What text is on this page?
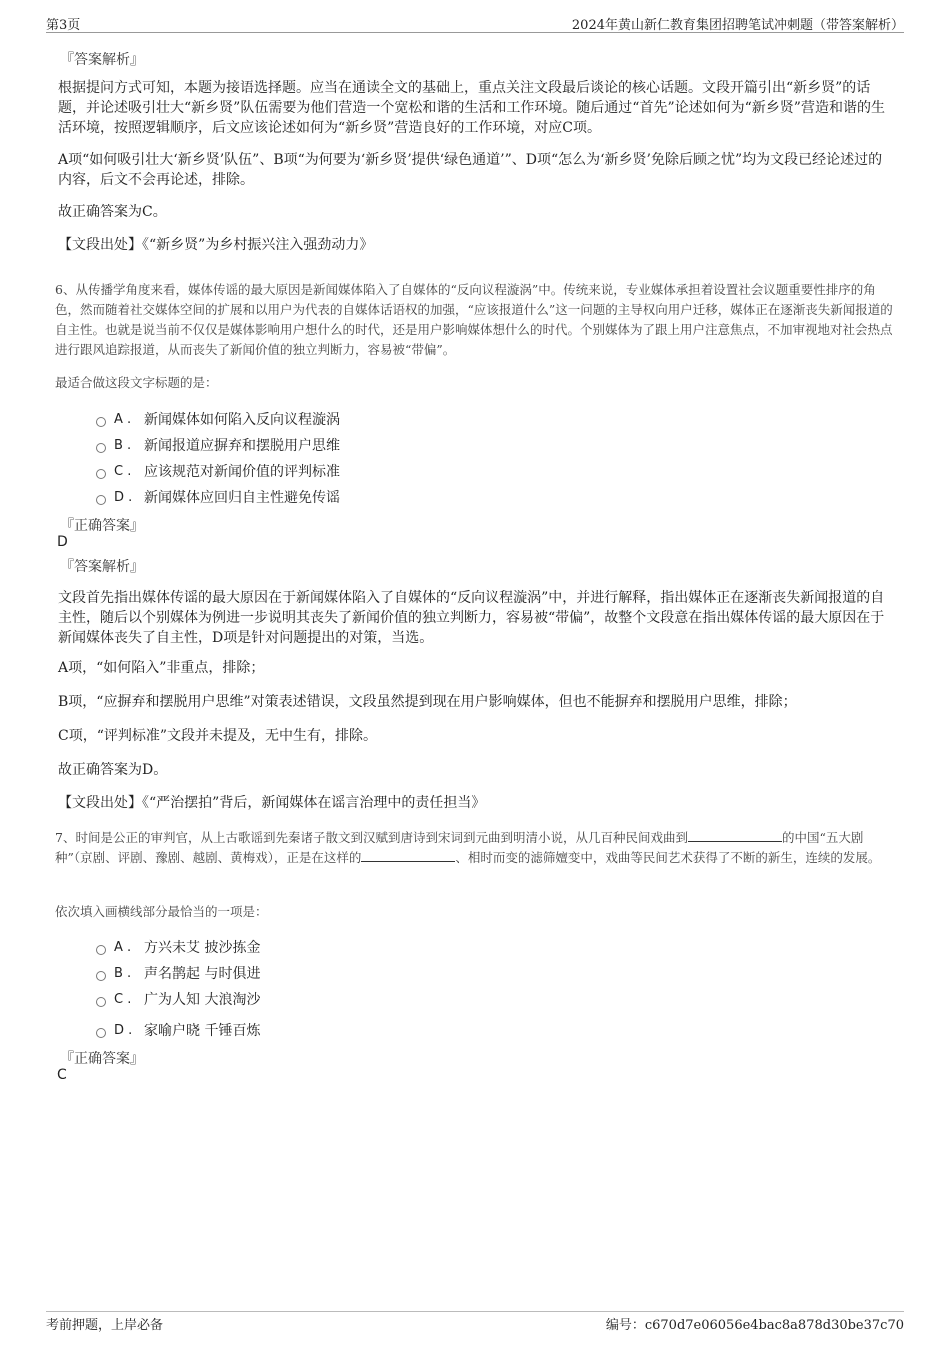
第3页	2024年黄山新仁教育集团招聘笔试冲刺题（带答案解析）
『答案解析』
根据提问方式可知，本题为接语选择题。应当在通读全文的基础上，重点关注文段最后谈论的核心话题。文段开篇引出“新乡贤”的话题，并论述吸引壮大“新乡贤”队伍需要为他们营造一个宽松和谐的生活和工作环境。随后通过“首先”论述如何为“新乡贤”营造和谐的生活环境，按照逻辑顺序，后文应该论述如何为“新乡贤”营造良好的工作环境，对应C项。
A项“如何吸引壮大‘新乡贤’队伍”、B项“为何要为‘新乡贤’提供‘绿色通道’”、D项“怎么为‘新乡贤’免除后顾之忧”均为文段已经论述过的内容，后文不会再论述，排除。
故正确答案为C。
【文段出处】《“新乡贤”为乡村振兴注入强劲动力》
6、从传播学角度来看，媒体传谣的最大原因是新闻媒体陷入了自媒体的“反向议程漩涡”中。传统来说，专业媒体承担着设置社会议题重要性排序的角色，然而随着社交媒体空间的扩展和以用户为代表的自媒体话语权的加强，“应该报道什么”这一问题的主导权向用户迁移，媒体正在逐渐丧失新闻报道的自主性。也就是说当前不仅仅是媒体影响用户想什么的时代，还是用户影响媒体想什么的时代。个别媒体为了跟上用户注意焦点，不加审视地对社会热点进行跟风追踪报道，从而丧失了新闻价值的独立判断力，容易被“带偏”。
最适合做这段文字标题的是：
A . 新闻媒体如何陷入反向议程漩涡
B . 新闻报道应摒弃和摆脱用户思维
C . 应该规范对新闻价值的评判标准
D . 新闻媒体应回归自主性避免传谣
『正确答案』
D
『答案解析』
文段首先指出媒体传谣的最大原因在于新闻媒体陷入了自媒体的“反向议程漩涡”中，并进行解释，指出媒体正在逐渐丧失新闻报道的自主性，随后以个别媒体为例进一步说明其丧失了新闻价值的独立判断力，容易被“带偏”，故整个文段意在指出媒体传谣的最大原因在于新闻媒体丧失了自主性，D项是针对问题提出的对策，当选。
A项，“如何陷入”非重点，排除；
B项，“应摒弃和摆脱用户思维”对策表述错误，文段虽然提到现在用户影响媒体，但也不能摒弃和摆脱用户思维，排除；
C项，“评判标准”文段并未提及，无中生有，排除。
故正确答案为D。
【文段出处】《“严治摆拍”背后，新闻媒体在谣言治理中的责任担当》
7、时间是公正的审判官，从上古歌谣到先秦诸子散文到汉赋到唐诗到宋词到元曲到明清小说，从几百种民间戏曲到	的中国“五大剧种”（京剧、评剧、豫剧、越剧、黄梅戏），正是在这样的	、相时而变的滤筛嬗变中，戏曲等民间艺术获得了不断的新生，连续的发展。
依次填入画横线部分最恰当的一项是：
A . 方兴未艾 披沙拣金
B . 声名鹊起 与时俱进
C . 广为人知 大浪淘沙
D . 家喻户晓 千锤百炼
『正确答案』
C
考前押题，上岸必备	编号：c670d7e06056e4bac8a878d30be37c70
